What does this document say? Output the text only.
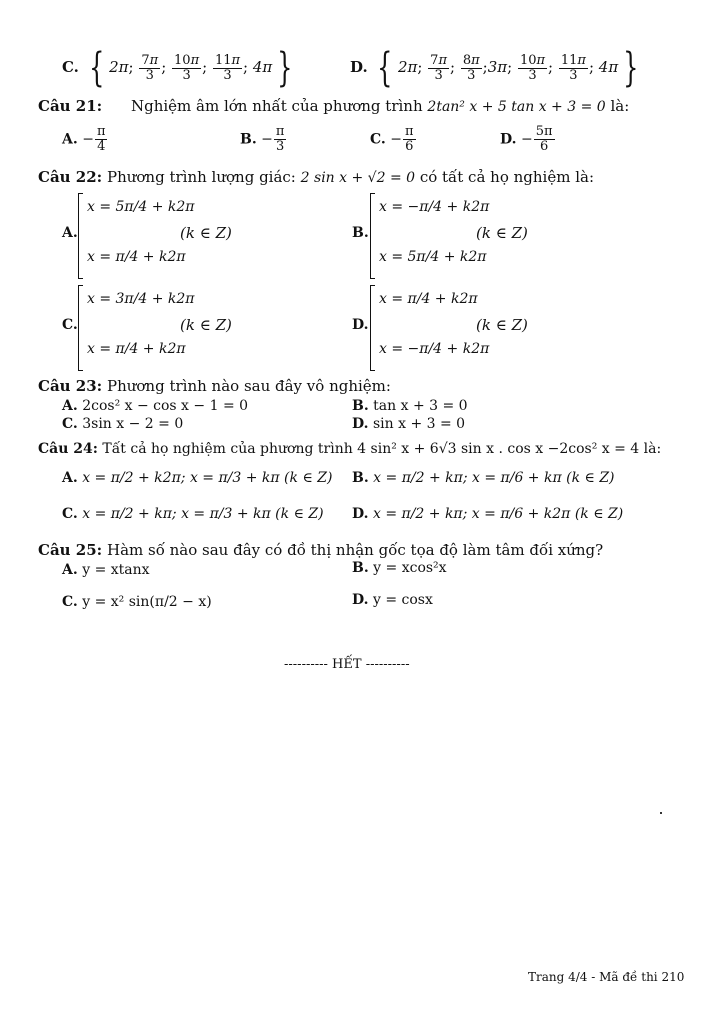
C. { 2π; $\frac{7\pi}{3}$ ; $\frac{10\pi}{3}$ ; $\frac{11\pi}{3}$ ; 4π }	D. { 2π; $\frac{7\pi}{3}$ ; $\frac{8\pi}{3}$ ;3π; $\frac{10\pi}{3}$ ; $\frac{11\pi}{3}$ ; 4π }
Câu 21: Nghiệm âm lớn nhất của phương trình 2tan² x + 5 tan x + 3 = 0 là:
A. − $\frac{\pi}{4}$	B. − $\frac{\pi}{3}$	C. − $\frac{\pi}{6}$	D. − $\frac{5\pi}{6}$
Câu 22: Phương trình lượng giác: 2 sin x + √2 = 0 có tất cả họ nghiệm là:
A.
x = 5π/4 + k2π
x = π/4 + k2π
(k ∈ Z)	B.
x = −π/4 + k2π
x = 5π/4 + k2π
(k ∈ Z)
C.
x = 3π/4 + k2π
x = π/4 + k2π
(k ∈ Z)	D.
x = π/4 + k2π
x = −π/4 + k2π
(k ∈ Z)
Câu 23: Phương trình nào sau đây vô nghiệm:
A. 2cos² x − cos x − 1 = 0	B. tan x + 3 = 0
C. 3sin x − 2 = 0	D. sin x + 3 = 0
Câu 24: Tất cả họ nghiệm của phương trình 4 sin² x + 6√3 sin x . cos x −2cos² x = 4 là:
A. x = π/2 + k2π; x = π/3 + kπ (k ∈ Z) B. x = π/2 + kπ; x = π/6 + kπ (k ∈ Z)
C. x = π/2 + kπ; x = π/3 + kπ (k ∈ Z) D. x = π/2 + kπ; x = π/6 + k2π (k ∈ Z)
Câu 25: Hàm số nào sau đây có đồ thị nhận gốc tọa độ làm tâm đối xứng?
A. y = xtanx	B. y = xcos²x
C. y = x² sin(π/2 − x)	D. y = cosx
---------- HẾT ----------
Trang 4/4 - Mã đề thi 210
